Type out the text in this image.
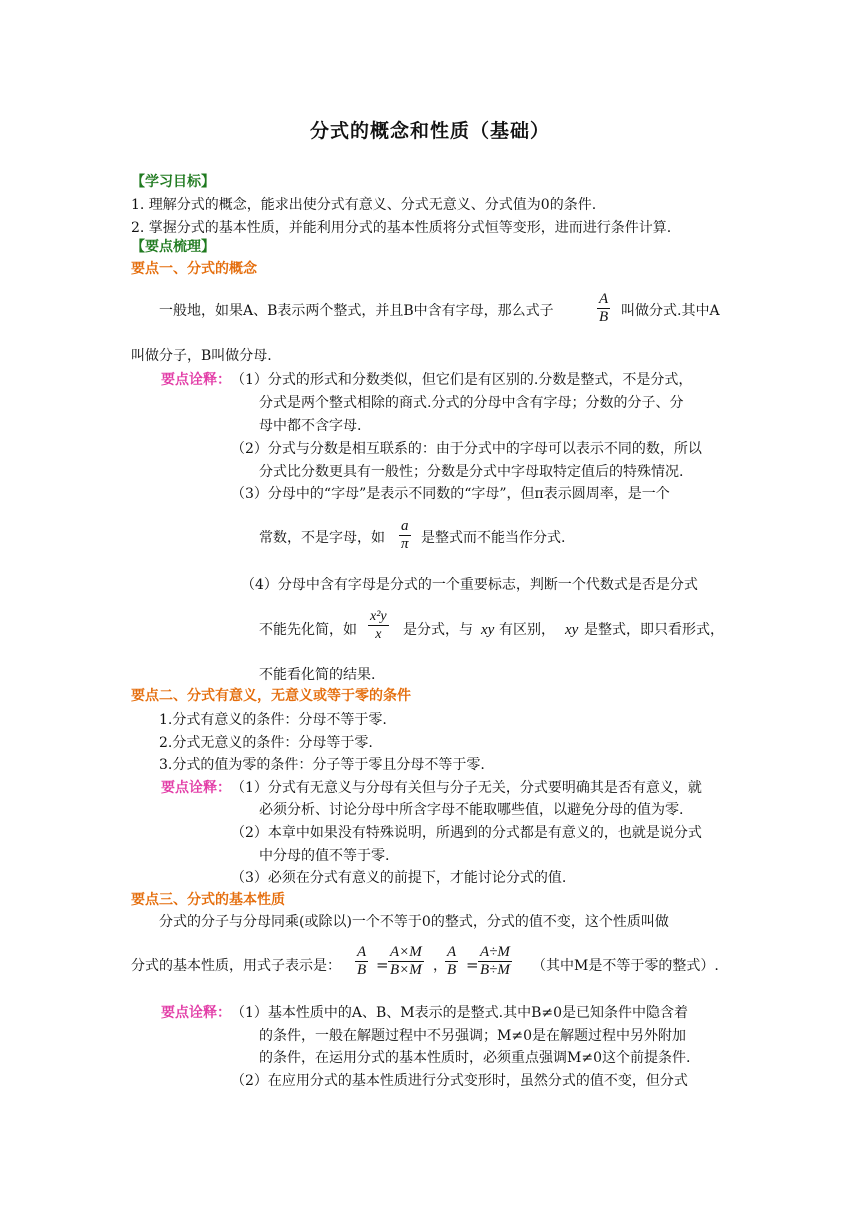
分式的概念和性质（基础）
【学习目标】
1. 理解分式的概念，能求出使分式有意义、分式无意义、分式值为0的条件.
2. 掌握分式的基本性质，并能利用分式的基本性质将分式恒等变形，进而进行条件计算.
【要点梳理】
要点一、分式的概念
一般地，如果A、B表示两个整式，并且B中含有字母，那么式子	$\frac{A}{B}$ 叫做分式.其中A
叫做分子，B叫做分母.
要点诠释： （1）分式的形式和分数类似，但它们是有区别的.分数是整式，不是分式，
分式是两个整式相除的商式.分式的分母中含有字母；分数的分子、分
母中都不含字母.
（2）分式与分数是相互联系的：由于分式中的字母可以表示不同的数，所以
分式比分数更具有一般性；分数是分式中字母取特定值后的特殊情况.
（3）分母中的“字母”是表示不同数的“字母”，但π表示圆周率，是一个
常数，不是字母，如 $\frac{a}{\pi}$ 是整式而不能当作分式.
（4）分母中含有字母是分式的一个重要标志，判断一个代数式是否是分式
不能先化简，如 $\frac{\text{x²y}}{x}$ 是分式，与 xy 有区别， xy 是整式，即只看形式，
不能看化简的结果.
要点二、分式有意义，无意义或等于零的条件
1.分式有意义的条件：分母不等于零.
2.分式无意义的条件：分母等于零.
3.分式的值为零的条件：分子等于零且分母不等于零.
要点诠释： （1）分式有无意义与分母有关但与分子无关，分式要明确其是否有意义，就
必须分析、讨论分母中所含字母不能取哪些值，以避免分母的值为零.
（2）本章中如果没有特殊说明，所遇到的分式都是有意义的，也就是说分式
中分母的值不等于零.
（3）必须在分式有意义的前提下，才能讨论分式的值.
要点三、分式的基本性质
分式的分子与分母同乘(或除以)一个不等于0的整式，分式的值不变，这个性质叫做
分式的基本性质，用式子表示是： $\frac{A}{B} = \frac{A\times M}{B\times M}$ ，
$\frac{A}{B} = \frac{A\div M}{B\div M}$ （其中M是不等于零的整式）.
要点诠释： （1）基本性质中的A、B、M表示的是整式.其中B≠0是已知条件中隐含着
的条件，一般在解题过程中不另强调；M≠0是在解题过程中另外附加
的条件，在运用分式的基本性质时，必须重点强调M≠0这个前提条件.
（2）在应用分式的基本性质进行分式变形时，虽然分式的值不变，但分式
